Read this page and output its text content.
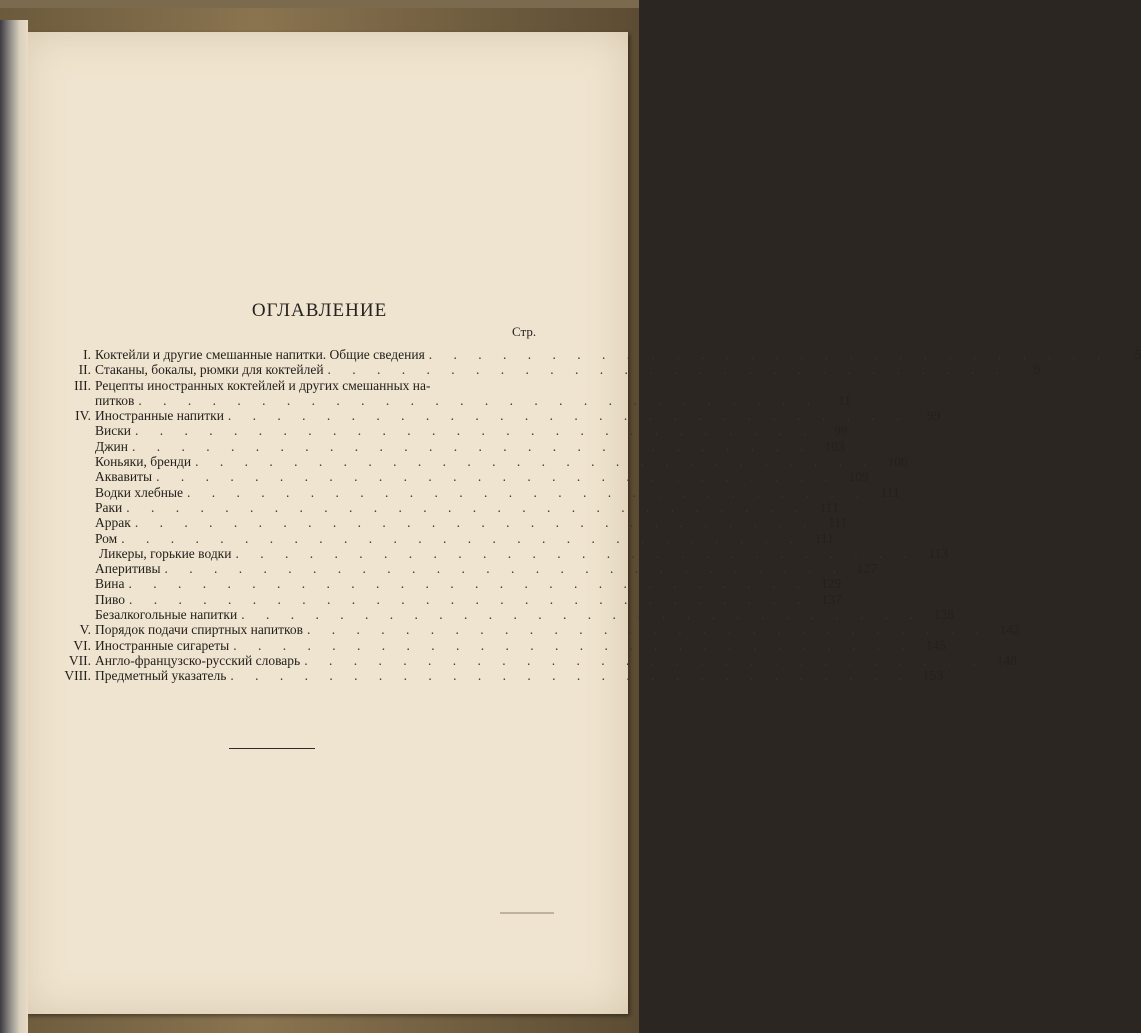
ОГЛАВЛЕНИЕ
Стр.
I. Коктейли и другие смешанные напитки. Общие сведения . . . . . . . . . . . . . . . . . . . . . . . . . . . .	5
II. Стаканы, бокалы, рюмки для коктейлей . . . . . . . . . . . . . . . . . . . . . . . . . . . .	9
III. Рецепты иностранных коктейлей и других смешанных на-
питков . . . . . . . . . . . . . . . . . . . . . . . . . . . .	11
IV. Иностранные напитки . . . . . . . . . . . . . . . . . . . . . . . . . . . .	99
Виски . . . . . . . . . . . . . . . . . . . . . . . . . . . .	99
Джин . . . . . . . . . . . . . . . . . . . . . . . . . . . . 103
Коньяки, бренди . . . . . . . . . . . . . . . . . . . . . . . . . . . . 106
Аквавиты . . . . . . . . . . . . . . . . . . . . . . . . . . . . 109
Водки хлебные . . . . . . . . . . . . . . . . . . . . . . . . . . . . 111
Раки . . . . . . . . . . . . . . . . . . . . . . . . . . . . 111
Аррак . . . . . . . . . . . . . . . . . . . . . . . . . . . . 111
Ром . . . . . . . . . . . . . . . . . . . . . . . . . . . . 111
Ликеры, горькие водки . . . . . . . . . . . . . . . . . . . . . . . . . . . . 113
Аперитивы . . . . . . . . . . . . . . . . . . . . . . . . . . . . 127
Вина . . . . . . . . . . . . . . . . . . . . . . . . . . . . 129
Пиво . . . . . . . . . . . . . . . . . . . . . . . . . . . . 137
Безалкогольные напитки . . . . . . . . . . . . . . . . . . . . . . . . . . . . 138
V. Порядок подачи спиртных напитков . . . . . . . . . . . . . . . . . . . . . . . . . . . . 142
VI. Иностранные сигареты . . . . . . . . . . . . . . . . . . . . . . . . . . . . 145
VII. Англо-французско-русский словарь . . . . . . . . . . . . . . . . . . . . . . . . . . . . 148
VIII. Предметный указатель . . . . . . . . . . . . . . . . . . . . . . . . . . . . 153
